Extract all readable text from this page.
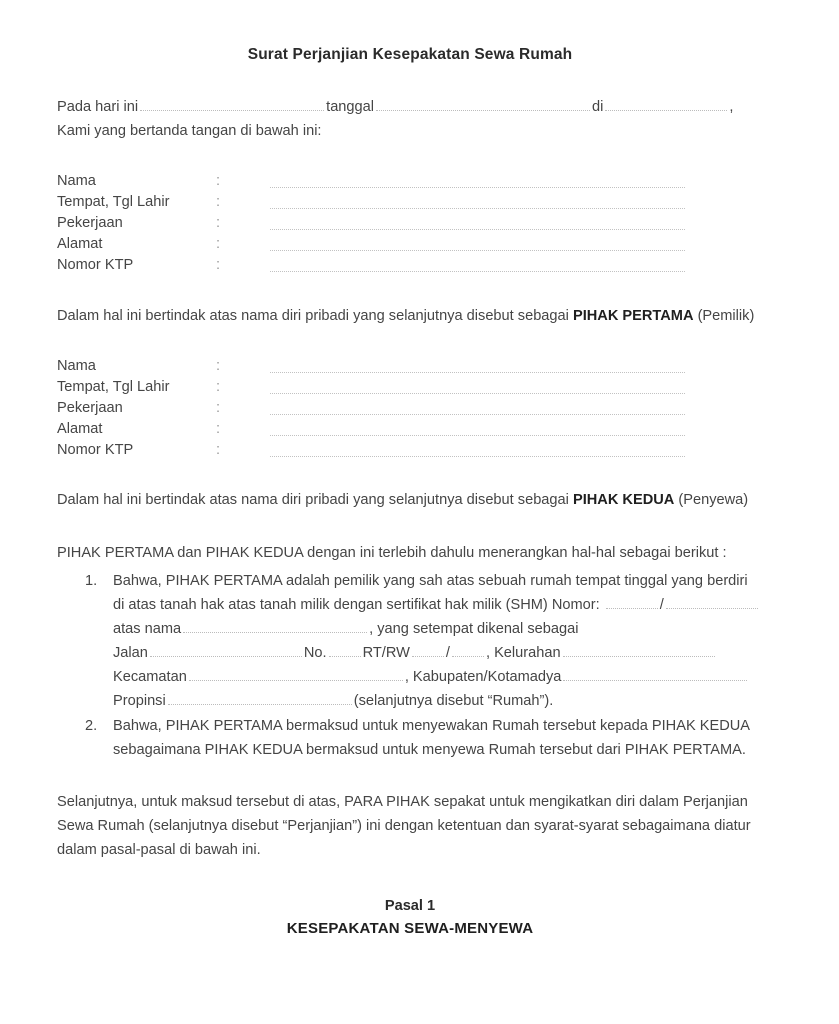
Surat Perjanjian Kesepakatan Sewa Rumah
Pada hari ini	tanggal	di	, Kami yang bertanda tangan di bawah ini:
Nama	:	

Tempat, Tgl Lahir	:	

Pekerjaan	:	

Alamat	:	

Nomor KTP	:	
Dalam hal ini bertindak atas nama diri pribadi yang selanjutnya disebut sebagai PIHAK PERTAMA (Pemilik)
Nama	:	

Tempat, Tgl Lahir	:	

Pekerjaan	:	

Alamat	:	

Nomor KTP	:	
Dalam hal ini bertindak atas nama diri pribadi yang selanjutnya disebut sebagai PIHAK KEDUA (Penyewa)
PIHAK PERTAMA dan PIHAK KEDUA dengan ini terlebih dahulu menerangkan hal-hal sebagai berikut :
1.	Bahwa, PIHAK PERTAMA adalah pemilik yang sah atas sebuah rumah tempat tinggal yang berdiri di atas tanah hak atas tanah milik dengan sertifikat hak milik (SHM) Nomor:	/ atas nama	, yang setempat dikenal sebagai
Jalan	No. RT/RW / , Kelurahan
Kecamatan	, Kabupaten/Kotamadya
Propinsi	(selanjutnya disebut “Rumah”).
2.	Bahwa, PIHAK PERTAMA bermaksud untuk menyewakan Rumah tersebut kepada PIHAK KEDUA sebagaimana PIHAK KEDUA bermaksud untuk menyewa Rumah tersebut dari PIHAK PERTAMA.
Selanjutnya, untuk maksud tersebut di atas, PARA PIHAK sepakat untuk mengikatkan diri dalam Perjanjian Sewa Rumah (selanjutnya disebut “Perjanjian”) ini dengan ketentuan dan syarat-syarat sebagaimana diatur dalam pasal-pasal di bawah ini.
Pasal 1
KESEPAKATAN SEWA-MENYEWA
